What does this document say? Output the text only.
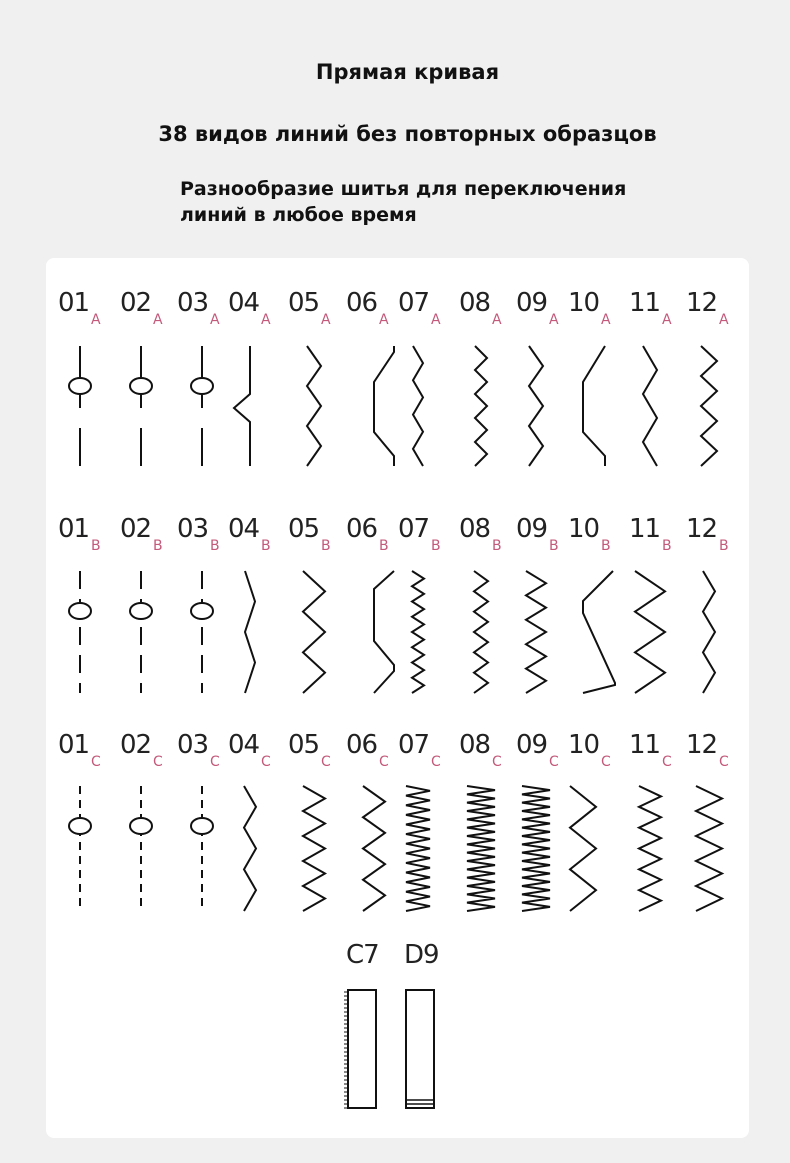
Прямая кривая
38 видов линий без повторных образцов
Разнообразие шитья для переключения
линий в любое время
01
A
02
A
03
A
04
A
05
A
06
A
07
A
08
A
09
A
10
A
11
A
12
A
01
B
02
B
03
B
04
B
05
B
06
B
07
B
08
B
09
B
10
B
11
B
12
B
01
C
02
C
03
C
04
C
05
C
06
C
07
C
08
C
09
C
10
C
11
C
12
C
C7 D9
